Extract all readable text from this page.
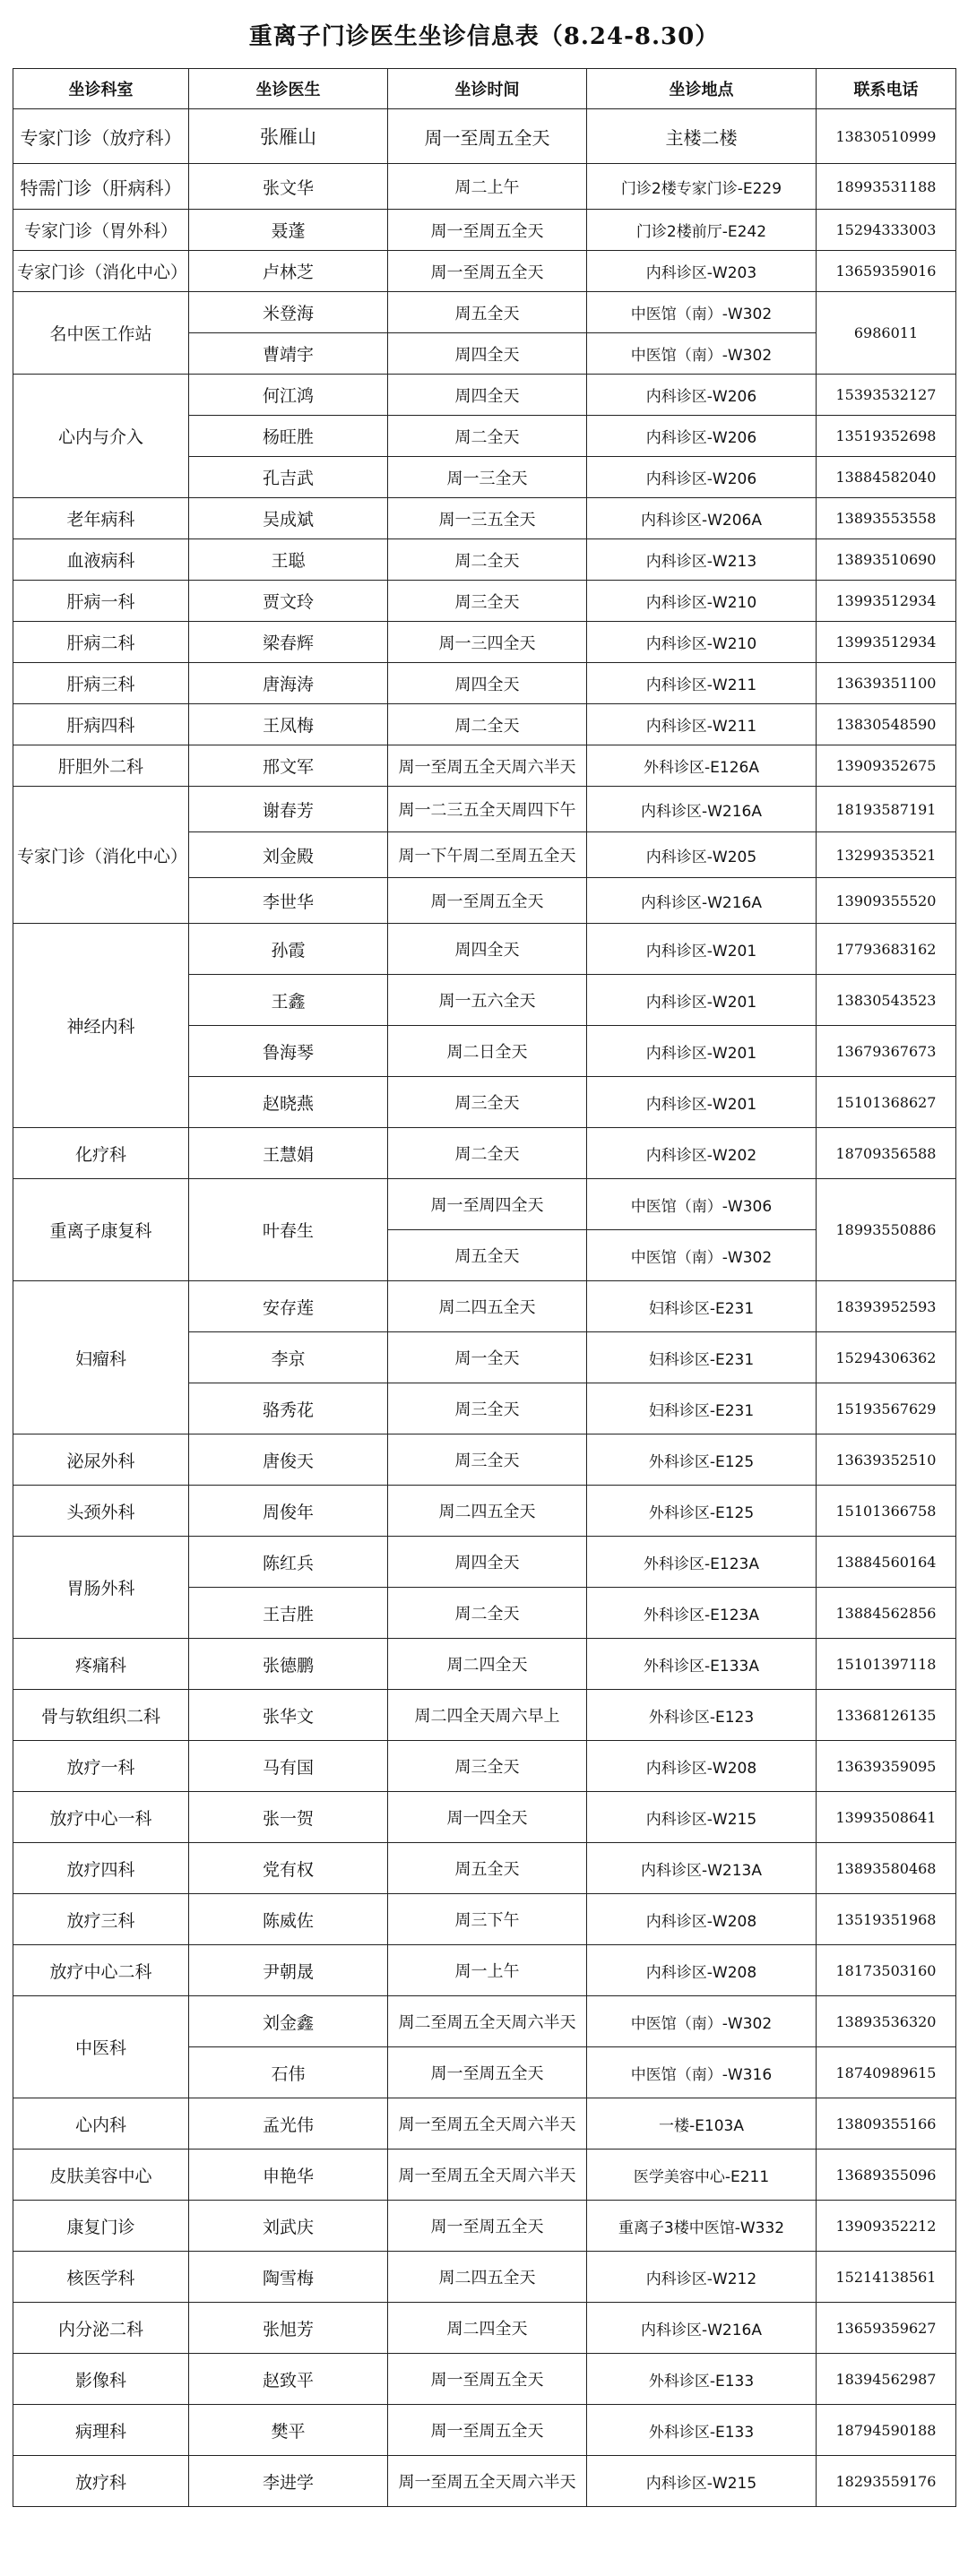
重离子门诊医生坐诊信息表（8.24-8.30）
坐诊科室	坐诊医生	坐诊时间	坐诊地点	联系电话
专家门诊（放疗科）	张雁山	周一至周五全天	主楼二楼	13830510999
特需门诊（肝病科）	张文华	周二上午	门诊2楼专家门诊-E229	18993531188
专家门诊（胃外科）	聂蓬	周一至周五全天	门诊2楼前厅-E242	15294333003
专家门诊（消化中心）	卢林芝	周一至周五全天	内科诊区-W203	13659359016
名中医工作站	米登海	周五全天	中医馆（南）-W302	6986011
	曹靖宇	周四全天	中医馆（南）-W302	
心内与介入	何江鸿	周四全天	内科诊区-W206	15393532127
	杨旺胜	周二全天	内科诊区-W206	13519352698
	孔吉武	周一三全天	内科诊区-W206	13884582040
老年病科	吴成斌	周一三五全天	内科诊区-W206A	13893553558
血液病科	王聪	周二全天	内科诊区-W213	13893510690
肝病一科	贾文玲	周三全天	内科诊区-W210	13993512934
肝病二科	梁春辉	周一三四全天	内科诊区-W210	13993512934
肝病三科	唐海涛	周四全天	内科诊区-W211	13639351100
肝病四科	王凤梅	周二全天	内科诊区-W211	13830548590
肝胆外二科	邢文军	周一至周五全天周六半天	外科诊区-E126A	13909352675
专家门诊（消化中心）	谢春芳	周一二三五全天周四下午	内科诊区-W216A	18193587191
	刘金殿	周一下午周二至周五全天	内科诊区-W205	13299353521
	李世华	周一至周五全天	内科诊区-W216A	13909355520
神经内科	孙霞	周四全天	内科诊区-W201	17793683162
	王鑫	周一五六全天	内科诊区-W201	13830543523
	鲁海琴	周二日全天	内科诊区-W201	13679367673
	赵晓燕	周三全天	内科诊区-W201	15101368627
化疗科	王慧娟	周二全天	内科诊区-W202	18709356588
重离子康复科	叶春生	周一至周四全天	中医馆（南）-W306	18993550886
		周五全天	中医馆（南）-W302	
妇瘤科	安存莲	周二四五全天	妇科诊区-E231	18393952593
	李京	周一全天	妇科诊区-E231	15294306362
	骆秀花	周三全天	妇科诊区-E231	15193567629
泌尿外科	唐俊天	周三全天	外科诊区-E125	13639352510
头颈外科	周俊年	周二四五全天	外科诊区-E125	15101366758
胃肠外科	陈红兵	周四全天	外科诊区-E123A	13884560164
	王吉胜	周二全天	外科诊区-E123A	13884562856
疼痛科	张德鹏	周二四全天	外科诊区-E133A	15101397118
骨与软组织二科	张华文	周二四全天周六早上	外科诊区-E123	13368126135
放疗一科	马有国	周三全天	内科诊区-W208	13639359095
放疗中心一科	张一贺	周一四全天	内科诊区-W215	13993508641
放疗四科	党有权	周五全天	内科诊区-W213A	13893580468
放疗三科	陈威佐	周三下午	内科诊区-W208	13519351968
放疗中心二科	尹朝晟	周一上午	内科诊区-W208	18173503160
中医科	刘金鑫	周二至周五全天周六半天	中医馆（南）-W302	13893536320
	石伟	周一至周五全天	中医馆（南）-W316	18740989615
心内科	孟光伟	周一至周五全天周六半天	一楼-E103A	13809355166
皮肤美容中心	申艳华	周一至周五全天周六半天	医学美容中心-E211	13689355096
康复门诊	刘武庆	周一至周五全天	重离子3楼中医馆-W332	13909352212
核医学科	陶雪梅	周二四五全天	内科诊区-W212	15214138561
内分泌二科	张旭芳	周二四全天	内科诊区-W216A	13659359627
影像科	赵致平	周一至周五全天	外科诊区-E133	18394562987
病理科	樊平	周一至周五全天	外科诊区-E133	18794590188
放疗科	李进学	周一至周五全天周六半天	内科诊区-W215	18293559176
